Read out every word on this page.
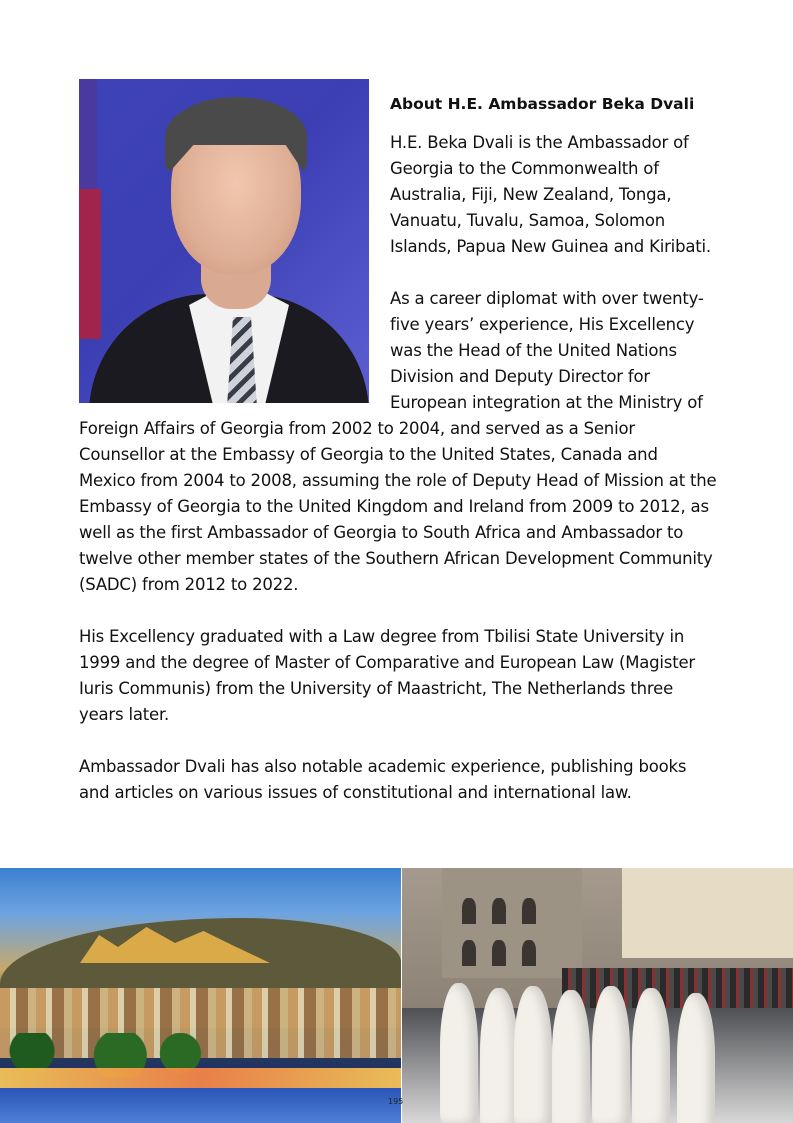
About H.E. Ambassador Beka Dvali

H.E. Beka Dvali is the Ambassador of Georgia to the Commonwealth of Australia, Fiji, New Zealand, Tonga, Vanuatu, Tuvalu, Samoa, Solomon Islands, Papua New Guinea and Kiribati.

As a career diplomat with over twenty-five years’ experience, His Excellency was the Head of the United Nations Division and Deputy Director for European integration at the Ministry of Foreign Affairs of Georgia from 2002 to 2004, and served as a Senior Counsellor at the Embassy of Georgia to the United States, Canada and Mexico from 2004 to 2008, assuming the role of Deputy Head of Mission at the Embassy of Georgia to the United Kingdom and Ireland from 2009 to 2012, as well as the first Ambassador of Georgia to South Africa and Ambassador to twelve other member states of the Southern African Development Community (SADC) from 2012 to 2022.

His Excellency graduated with a Law degree from Tbilisi State University in 1999 and the degree of Master of Comparative and European Law (Magister Iuris Communis) from the University of Maastricht, The Netherlands three years later.

Ambassador Dvali has also notable academic experience, publishing books and articles on various issues of constitutional and international law.

195
